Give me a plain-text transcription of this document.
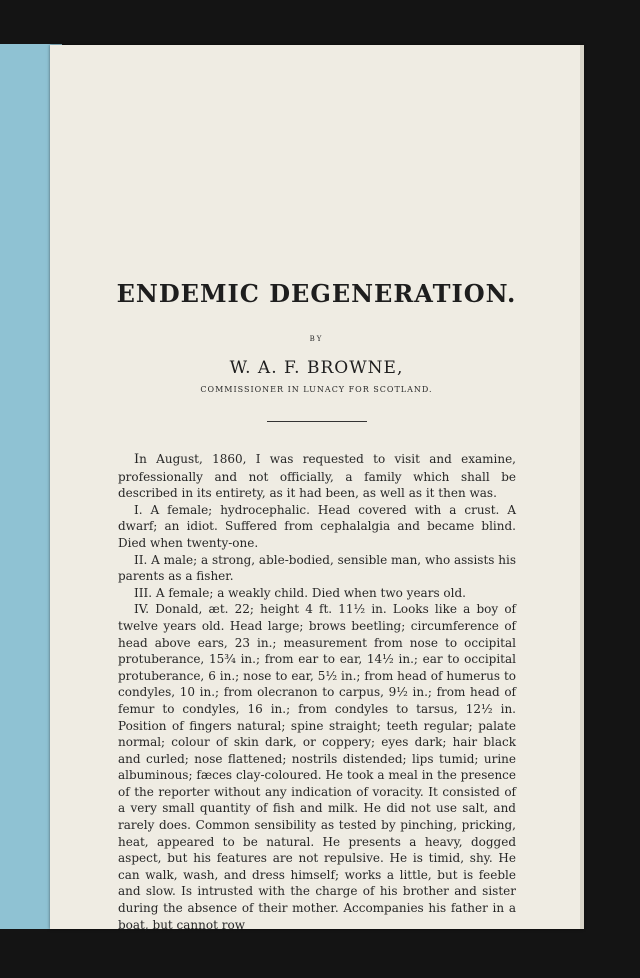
ENDEMIC DEGENERATION.
BY
W. A. F. BROWNE,
COMMISSIONER IN LUNACY FOR SCOTLAND.

In August, 1860, I was requested to visit and examine, professionally and not officially, a family which shall be described in its entirety, as it had been, as well as it then was.

I. A female; hydrocephalic. Head covered with a crust. A dwarf; an idiot. Suffered from cephalalgia and became blind. Died when twenty-one.

II. A male; a strong, able-bodied, sensible man, who assists his parents as a fisher.

III. A female; a weakly child. Died when two years old.

IV. Donald, æt. 22; height 4 ft. 11½ in. Looks like a boy of twelve years old. Head large; brows beetling; circumference of head above ears, 23 in.; measurement from nose to occipital protuberance, 15¾ in.; from ear to ear, 14½ in.; ear to occipital protuberance, 6 in.; nose to ear, 5½ in.; from head of humerus to condyles, 10 in.; from olecranon to carpus, 9½ in.; from head of femur to condyles, 16 in.; from condyles to tarsus, 12½ in. Position of fingers natural; spine straight; teeth regular; palate normal; colour of skin dark, or coppery; eyes dark; hair black and curled; nose flattened; nostrils distended; lips tumid; urine albuminous; fæces clay-coloured. He took a meal in the presence of the reporter without any indication of voracity. It consisted of a very small quantity of fish and milk. He did not use salt, and rarely does. Common sensibility as tested by pinching, pricking, heat, appeared to be natural. He presents a heavy, dogged aspect, but his features are not repulsive. He is timid, shy. He can walk, wash, and dress himself; works a little, but is feeble and slow. Is intrusted with the charge of his brother and sister during the absence of their mother. Accompanies his father in a boat, but cannot row
